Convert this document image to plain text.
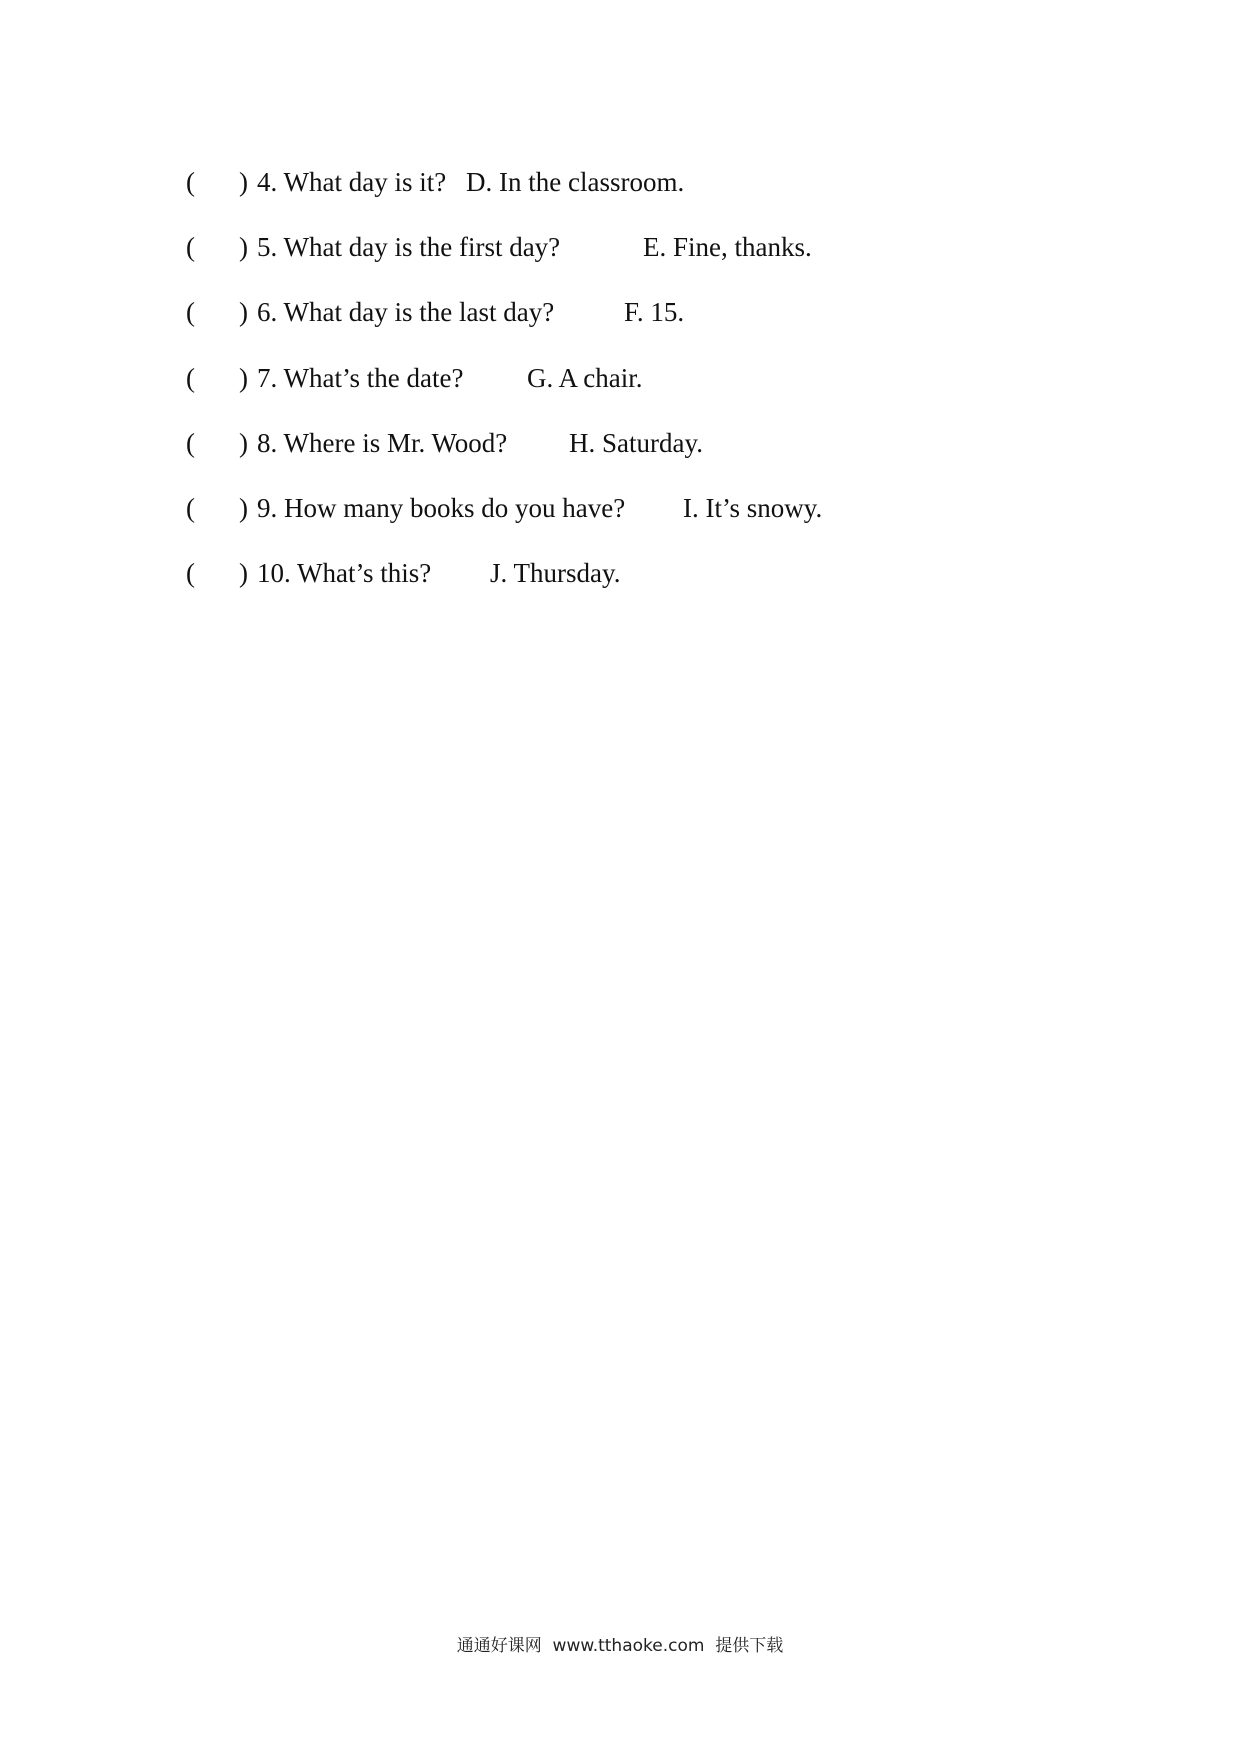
( ) 4. What day is it? D. In the classroom.
( ) 5. What day is the first day?	E. Fine, thanks.
( ) 6. What day is the last day?	F. 15.
( ) 7. What’s the date? G. A chair.
( ) 8. Where is Mr. Wood? H. Saturday.
( ) 9. How many books do you have? I. It’s snowy.
( ) 10. What’s this? J. Thursday.
通通好课网  www.tthaoke.com  提供下载
